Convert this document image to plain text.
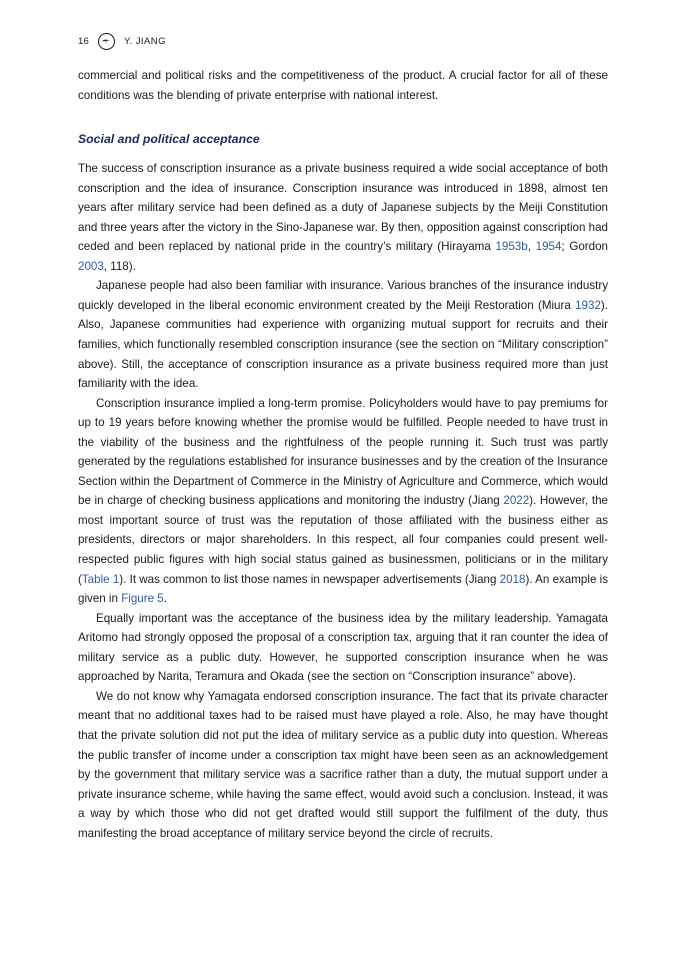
16	Y. JIANG

commercial and political risks and the competitiveness of the product. A crucial factor for all of these conditions was the blending of private enterprise with national interest.

Social and political acceptance

The success of conscription insurance as a private business required a wide social acceptance of both conscription and the idea of insurance. Conscription insurance was introduced in 1898, almost ten years after military service had been defined as a duty of Japanese subjects by the Meiji Constitution and three years after the victory in the Sino-Japanese war. By then, opposition against conscription had ceded and been replaced by national pride in the country’s military (Hirayama 1953b, 1954; Gordon 2003, 118).

Japanese people had also been familiar with insurance. Various branches of the insurance industry quickly developed in the liberal economic environment created by the Meiji Restoration (Miura 1932). Also, Japanese communities had experience with organizing mutual support for recruits and their families, which functionally resembled conscription insurance (see the section on “Military conscription” above). Still, the acceptance of conscription insurance as a private business required more than just familiarity with the idea.

Conscription insurance implied a long-term promise. Policyholders would have to pay premiums for up to 19 years before knowing whether the promise would be fulfilled. People needed to have trust in the viability of the business and the rightfulness of the people running it. Such trust was partly generated by the regulations established for insurance businesses and by the creation of the Insurance Section within the Department of Commerce in the Ministry of Agriculture and Commerce, which would be in charge of checking business applications and monitoring the industry (Jiang 2022). However, the most important source of trust was the reputation of those affiliated with the business either as presidents, directors or major shareholders. In this respect, all four companies could present well-respected public figures with high social status gained as businessmen, politicians or in the military (Table 1). It was common to list those names in newspaper advertisements (Jiang 2018). An example is given in Figure 5.

Equally important was the acceptance of the business idea by the military leadership. Yamagata Aritomo had strongly opposed the proposal of a conscription tax, arguing that it ran counter the idea of military service as a public duty. However, he supported conscription insurance when he was approached by Narita, Teramura and Okada (see the section on “Conscription insurance” above).

We do not know why Yamagata endorsed conscription insurance. The fact that its private character meant that no additional taxes had to be raised must have played a role. Also, he may have thought that the private solution did not put the idea of military service as a public duty into question. Whereas the public transfer of income under a conscription tax might have been seen as an acknowledgement by the government that military service was a sacrifice rather than a duty, the mutual support under a private insurance scheme, while having the same effect, would avoid such a conclusion. Instead, it was a way by which those who did not get drafted would still support the fulfilment of the duty, thus manifesting the broad acceptance of military service beyond the circle of recruits.
